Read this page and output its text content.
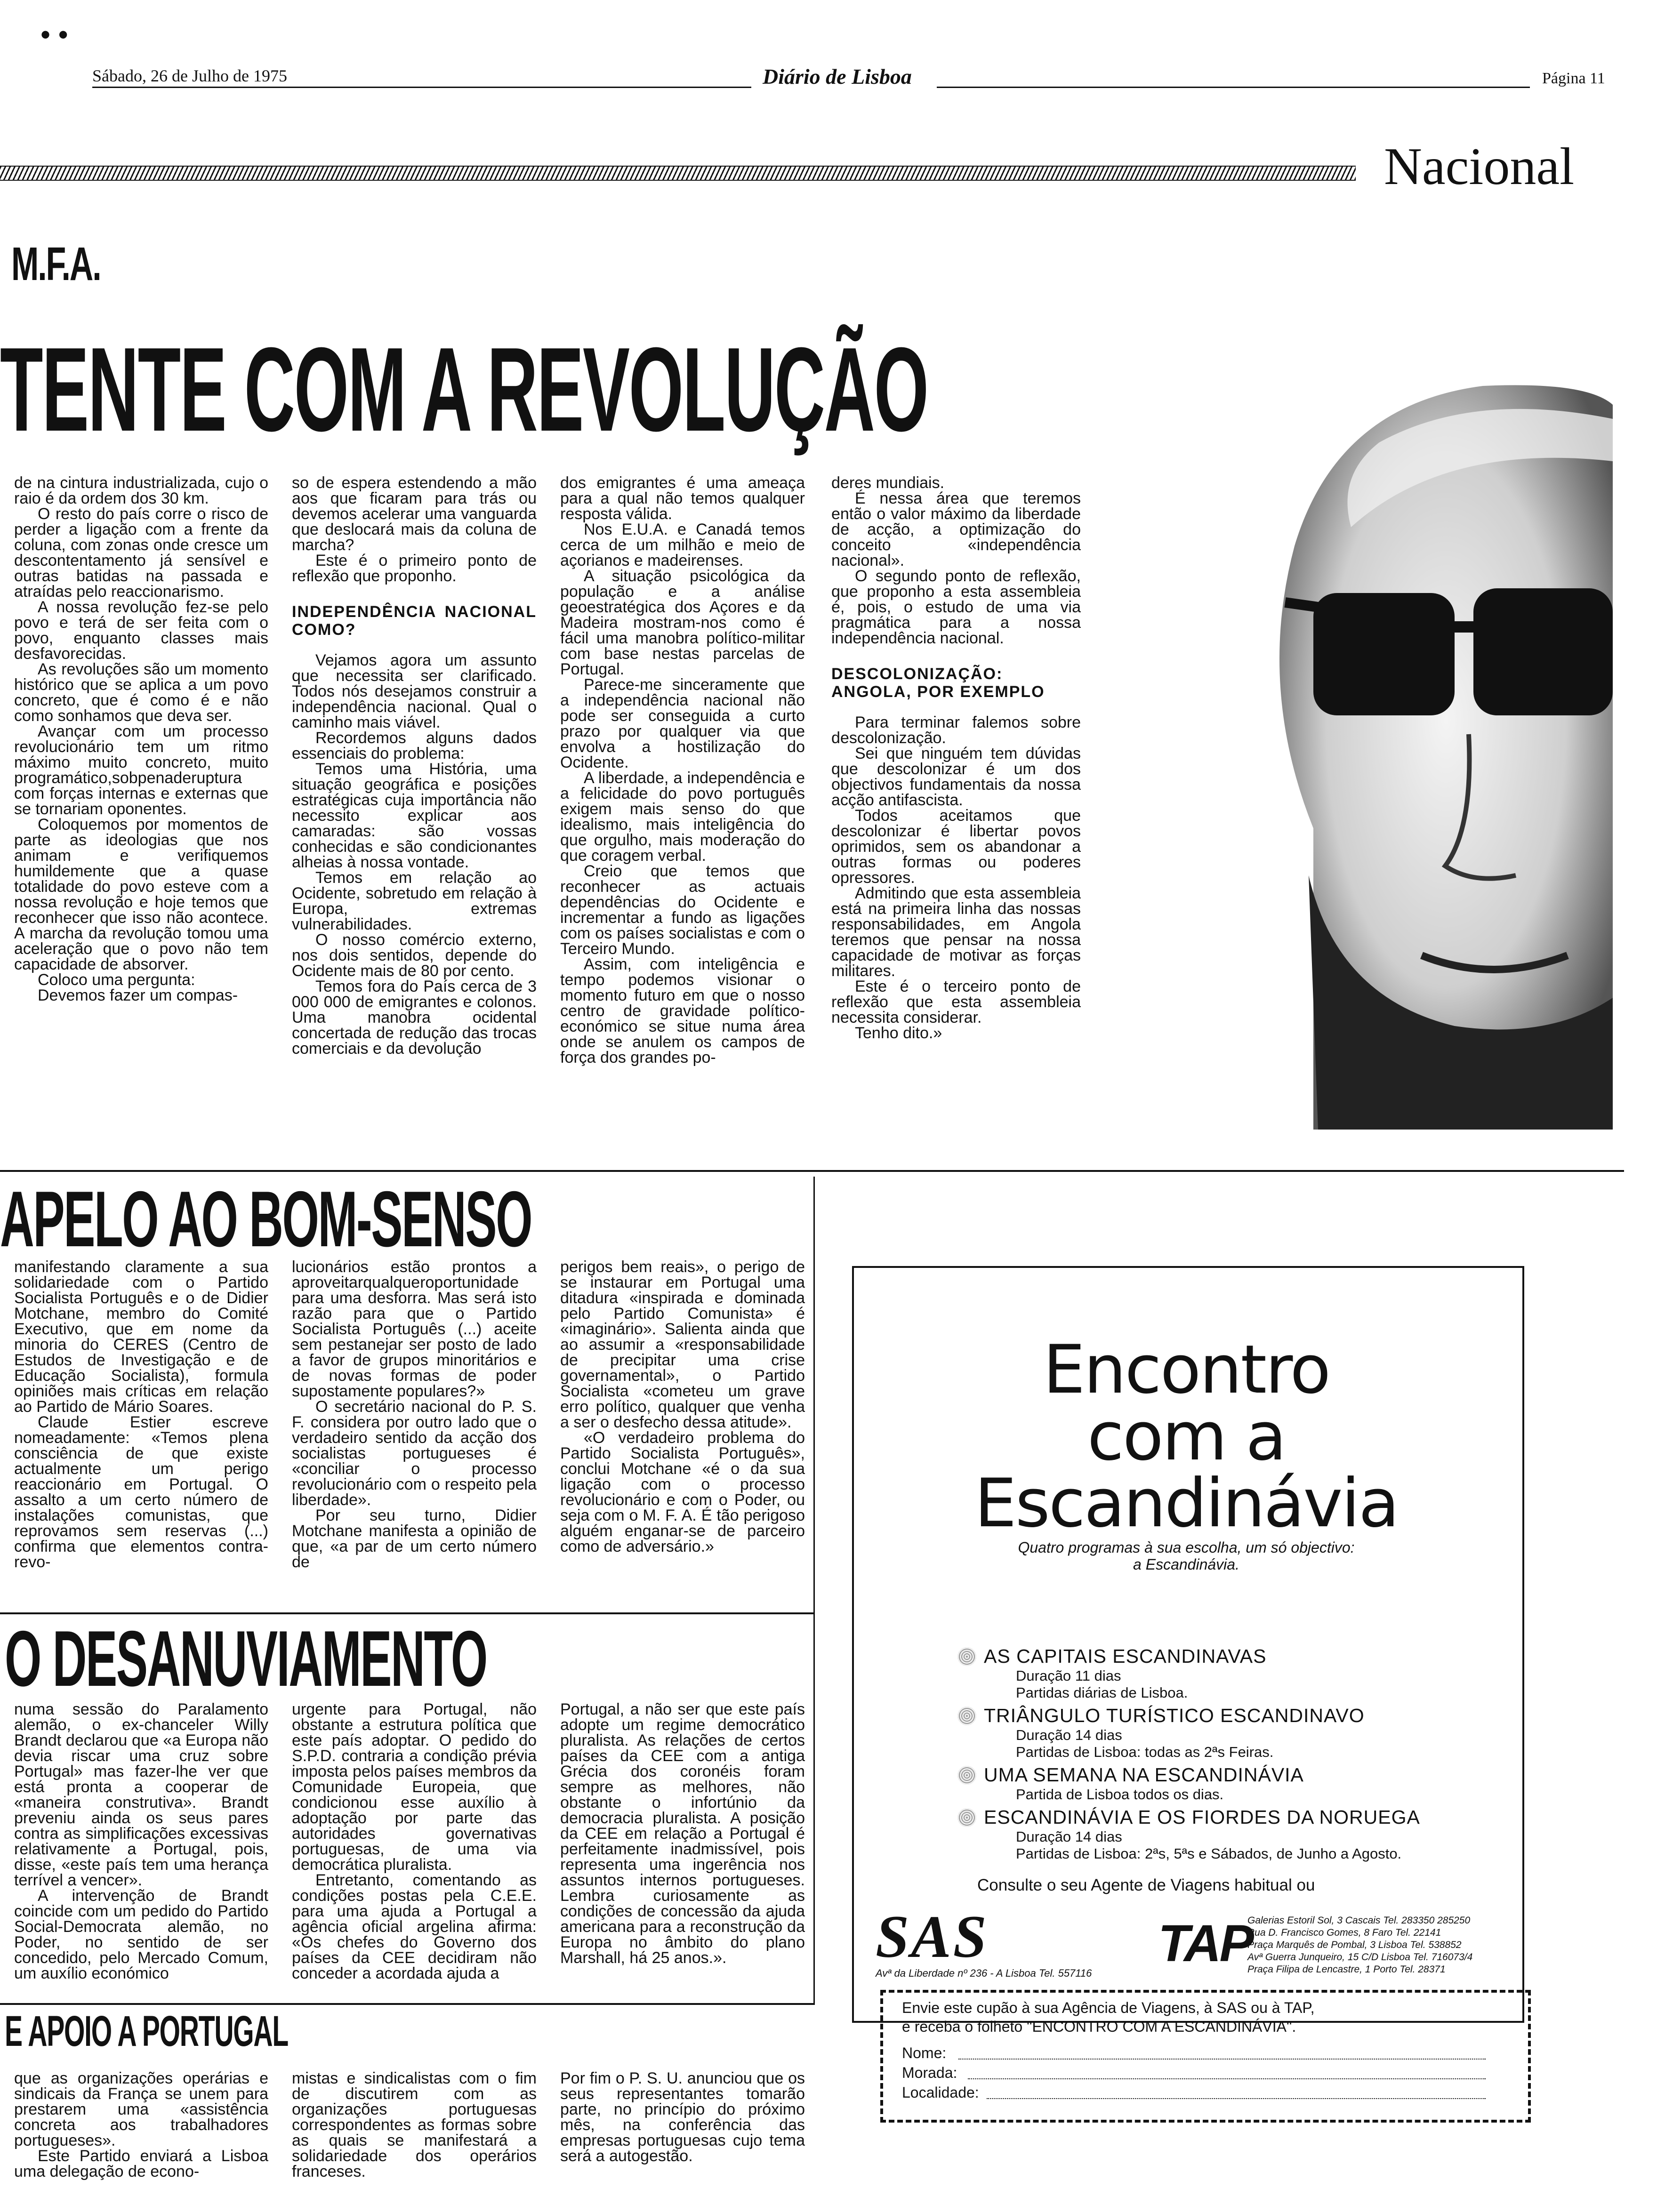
• •
Sábado, 26 de Julho de 1975	Diário de Lisboa	Página 11
Nacional
M.F.A.
TENTE COM A REVOLUÇÃO

de na cintura industrializada, cujo o raio é da ordem dos 30 km.

O resto do país corre o risco de perder a ligação com a frente da coluna, com zonas onde cresce um descontentamento já sensível e outras batidas na passada e atraídas pelo reaccionarismo.

A nossa revolução fez-se pelo povo e terá de ser feita com o povo, enquanto classes mais desfavorecidas.

As revoluções são um momento histórico que se aplica a um povo concreto, que é como é e não como sonhamos que deva ser.

Avançar com um processo revolucionário tem um ritmo máximo muito concreto, muito programático,sobpenaderuptura com forças internas e externas que se tornariam oponentes.

Coloquemos por momentos de parte as ideologias que nos animam e verifiquemos humildemente que a quase totalidade do povo esteve com a nossa revolução e hoje temos que reconhecer que isso não acontece. A marcha da revolução tomou uma aceleração que o povo não tem capacidade de absorver.

Coloco uma pergunta:

Devemos fazer um compas-

so de espera estendendo a mão aos que ficaram para trás ou devemos acelerar uma vanguarda que deslocará mais da coluna de marcha?

Este é o primeiro ponto de reflexão que proponho.

INDEPENDÊNCIA NACIONAL COMO?

Vejamos agora um assunto que necessita ser clarificado. Todos nós desejamos construir a independência nacional. Qual o caminho mais viável.

Recordemos alguns dados essenciais do problema:

Temos uma História, uma situação geográfica e posições estratégicas cuja importância não necessito explicar aos camaradas: são vossas conhecidas e são condicionantes alheias à nossa vontade.

Temos em relação ao Ocidente, sobretudo em relação à Europa, extremas vulnerabilidades.

O nosso comércio externo, nos dois sentidos, depende do Ocidente mais de 80 por cento.

Temos fora do País cerca de 3 000 000 de emigrantes e colonos. Uma manobra ocidental concertada de redução das trocas comerciais e da devolução

dos emigrantes é uma ameaça para a qual não temos qualquer resposta válida.

Nos E.U.A. e Canadá temos cerca de um milhão e meio de açorianos e madeirenses.

A situação psicológica da população e a análise geoestratégica dos Açores e da Madeira mostram-nos como é fácil uma manobra político-militar com base nestas parcelas de Portugal.

Parece-me sinceramente que a independência nacional não pode ser conseguida a curto prazo por qualquer via que envolva a hostilização do Ocidente.

A liberdade, a independência e a felicidade do povo português exigem mais senso do que idealismo, mais inteligência do que orgulho, mais moderação do que coragem verbal.

Creio que temos que reconhecer as actuais dependências do Ocidente e incrementar a fundo as ligações com os países socialistas e com o Terceiro Mundo.

Assim, com inteligência e tempo podemos visionar o momento futuro em que o nosso centro de gravidade político-económico se situe numa área onde se anulem os campos de força dos grandes po-

deres mundiais.

É nessa área que teremos então o valor máximo da liberdade de acção, a optimização do conceito «independência nacional».

O segundo ponto de reflexão, que proponho a esta assembleia é, pois, o estudo de uma via pragmática para a nossa independência nacional.

DESCOLONIZAÇÃO: ANGOLA, POR EXEMPLO

Para terminar falemos sobre descolonização.

Sei que ninguém tem dúvidas que descolonizar é um dos objectivos fundamentais da nossa acção antifascista.

Todos aceitamos que descolonizar é libertar povos oprimidos, sem os abandonar a outras formas ou poderes opressores.

Admitindo que esta assembleia está na primeira linha das nossas responsabilidades, em Angola teremos que pensar na nossa capacidade de motivar as forças militares.

Este é o terceiro ponto de reflexão que esta assembleia necessita considerar.

Tenho dito.»

APELO AO BOM-SENSO

manifestando claramente a sua solidariedade com o Partido Socialista Português e o de Didier Motchane, membro do Comité Executivo, que em nome da minoria do CERES (Centro de Estudos de Investigação e de Educação Socialista), formula opiniões mais críticas em relação ao Partido de Mário Soares.

Claude Estier escreve nomeadamente: «Temos plena consciência de que existe actualmente um perigo reaccionário em Portugal. O assalto a um certo número de instalações comunistas, que reprovamos sem reservas (...) confirma que elementos contra-revo-

lucionários estão prontos a aproveitarqualqueroportunidade para uma desforra. Mas será isto razão para que o Partido Socialista Português (...) aceite sem pestanejar ser posto de lado a favor de grupos minoritários e de novas formas de poder supostamente populares?»

O secretário nacional do P. S. F. considera por outro lado que o verdadeiro sentido da acção dos socialistas portugueses é «conciliar o processo revolucionário com o respeito pela liberdade».

Por seu turno, Didier Motchane manifesta a opinião de que, «a par de um certo número de

perigos bem reais», o perigo de se instaurar em Portugal uma ditadura «inspirada e dominada pelo Partido Comunista» é «imaginário». Salienta ainda que ao assumir a «responsabilidade de precipitar uma crise governamental», o Partido Socialista «cometeu um grave erro político, qualquer que venha a ser o desfecho dessa atitude».

«O verdadeiro problema do Partido Socialista Português», conclui Motchane «é o da sua ligação com o processo revolucionário e com o Poder, ou seja com o M. F. A. É tão perigoso alguém enganar-se de parceiro como de adversário.»

O DESANUVIAMENTO

numa sessão do Paralamento alemão, o ex-chanceler Willy Brandt declarou que «a Europa não devia riscar uma cruz sobre Portugal» mas fazer-lhe ver que está pronta a cooperar de «maneira construtiva». Brandt preveniu ainda os seus pares contra as simplificações excessivas relativamente a Portugal, pois, disse, «este país tem uma herança terrível a vencer».

A intervenção de Brandt coincide com um pedido do Partido Social-Democrata alemão, no Poder, no sentido de ser concedido, pelo Mercado Comum, um auxílio económico

urgente para Portugal, não obstante a estrutura política que este país adoptar. O pedido do S.P.D. contraria a condição prévia imposta pelos países membros da Comunidade Europeia, que condicionou esse auxílio à adoptação por parte das autoridades governativas portuguesas, de uma via democrática pluralista.

Entretanto, comentando as condições postas pela C.E.E. para uma ajuda a Portugal a agência oficial argelina afirma: «Os chefes do Governo dos países da CEE decidiram não conceder a acordada ajuda a

Portugal, a não ser que este país adopte um regime democrático pluralista. As relações de certos países da CEE com a antiga Grécia dos coronéis foram sempre as melhores, não obstante o infortúnio da democracia pluralista. A posição da CEE em relação a Portugal é perfeitamente inadmissível, pois representa uma ingerência nos assuntos internos portugueses. Lembra curiosamente as condições de concessão da ajuda americana para a reconstrução da Europa no âmbito do plano Marshall, há 25 anos.».

E APOIO A PORTUGAL

que as organizações operárias e sindicais da França se unem para prestarem uma «assistência concreta aos trabalhadores portugueses».

Este Partido enviará a Lisboa uma delegação de econo-

mistas e sindicalistas com o fim de discutirem com as organizações portuguesas correspondentes as formas sobre as quais se manifestará a solidariedade dos operários franceses.

Por fim o P. S. U. anunciou que os seus representantes tomarão parte, no princípio do próximo mês, na conferência das empresas portuguesas cujo tema será a autogestão.

Encontro
com a
Escandinávia
Quatro programas à sua escolha, um só objectivo:
a Escandinávia.
AS CAPITAIS ESCANDINAVAS
Duração 11 dias
Partidas diárias de Lisboa.
TRIÂNGULO TURÍSTICO ESCANDINAVO
Duração 14 dias
Partidas de Lisboa: todas as 2ªs Feiras.
UMA SEMANA NA ESCANDINÁVIA
Partida de Lisboa todos os dias.
ESCANDINÁVIA E OS FIORDES DA NORUEGA
Duração 14 dias
Partidas de Lisboa: 2ªs, 5ªs e Sábados, de Junho a Agosto.
Consulte o seu Agente de Viagens habitual ou
SAS
Avª da Liberdade nº 236 - A Lisboa Tel. 557116
TAP
Galerias Estoril Sol, 3 Cascais Tel. 283350 285250
Rua D. Francisco Gomes, 8 Faro Tel. 22141
Praça Marquês de Pombal, 3 Lisboa Tel. 538852
Avª Guerra Junqueiro, 15 C/D Lisboa Tel. 716073/4
Praça Filipa de Lencastre, 1 Porto Tel. 28371
Envie este cupão à sua Agência de Viagens, à SAS ou à TAP,
e receba o folheto "ENCONTRO COM A ESCANDINÁVIA".
Nome:
Morada:
Localidade:
